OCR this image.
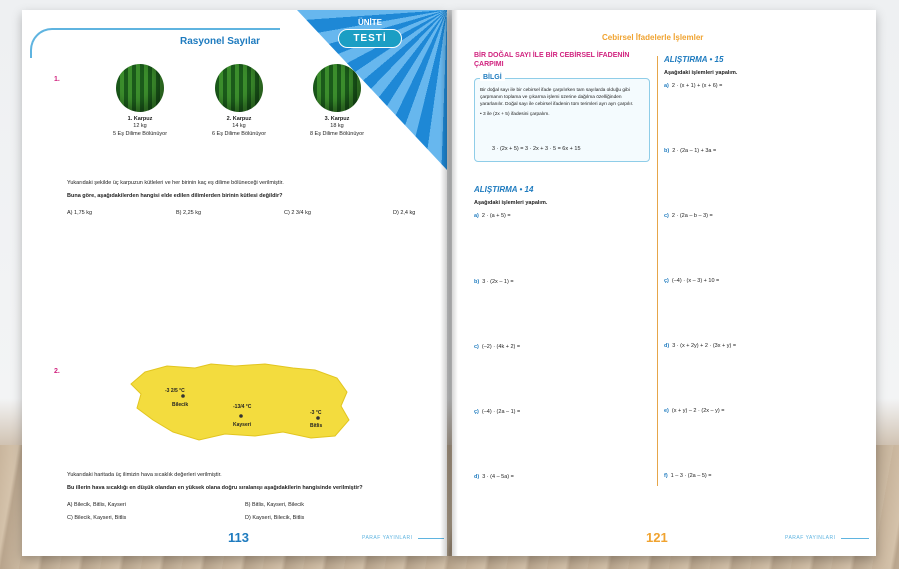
Rasyonel Sayılar
ÜNİTE
TESTİ
1.
1. Karpuz
12 kg
5 Eş Dilime Bölünüyor
2. Karpuz
14 kg
6 Eş Dilime Bölünüyor
3. Karpuz
18 kg
8 Eş Dilime Bölünüyor
Yukarıdaki şekilde üç karpuzun kütleleri ve her birinin kaç eş dilime bölüneceği verilmiştir.
Buna göre, aşağıdakilerden hangisi elde edilen dilimlerden birinin kütlesi değildir?
A) 1,75 kg	B) 2,25 kg	C) 2 3/4 kg	D) 2,4 kg
2.
-3 2/5 °C
Bilecik	-13/4 °C
Kayseri
-3 °C
Bitlis
Yukarıdaki haritada üç ilimizin hava sıcaklık değerleri verilmiştir.
Bu illerin hava sıcaklığı en düşük olandan en yüksek olana doğru sıralanışı aşağıdakilerin hangisinde verilmiştir?
A) Bilecik, Bitlis, Kayseri	B) Bitlis, Kayseri, Bilecik
C) Bilecik, Kayseri, Bitlis	D) Kayseri, Bilecik, Bitlis
113	PARAF YAYINLARI
Cebirsel İfadelerle İşlemler
BİR DOĞAL SAYI İLE BİR CEBİRSEL İFADENİN ÇARPIMI
BİLGİ
Bir doğal sayı ile bir cebirsel ifade çarpılırken tam sayılarda olduğu gibi çarpmanın toplama ve çıkarma işlemi üzerine dağılma özelliğinden yararlanılır. Doğal sayı ile cebirsel ifadenin tüm terimleri ayrı ayrı çarpılır.
• 3 ile (2x + 5) ifadesini çarpalım.
3 · (2x + 5) = 3 · 2x + 3 · 5 = 6x + 15
ALIŞTIRMA • 14
Aşağıdaki işlemleri yapalım.
a) 2 · (a + 5) =
b) 3 · (2x – 1) =
c) (–2) · (4k + 2) =
ç) (–4) · (2a – 1) =
d) 3 · (4 – 5a) =
ALIŞTIRMA • 15
Aşağıdaki işlemleri yapalım.
a) 2 · (x + 1) + (x + 6) =
b) 2 · (2a – 1) + 3a =
c) 2 · (2a – b – 3) =
ç) (–4) · (x – 3) + 10 =
d) 3 · (x + 2y) + 2 · (3x + y) =
e) (x + y) – 2 · (2x – y) =
f) 1 – 3 · (2a – 5) =
121	PARAF YAYINLARI
